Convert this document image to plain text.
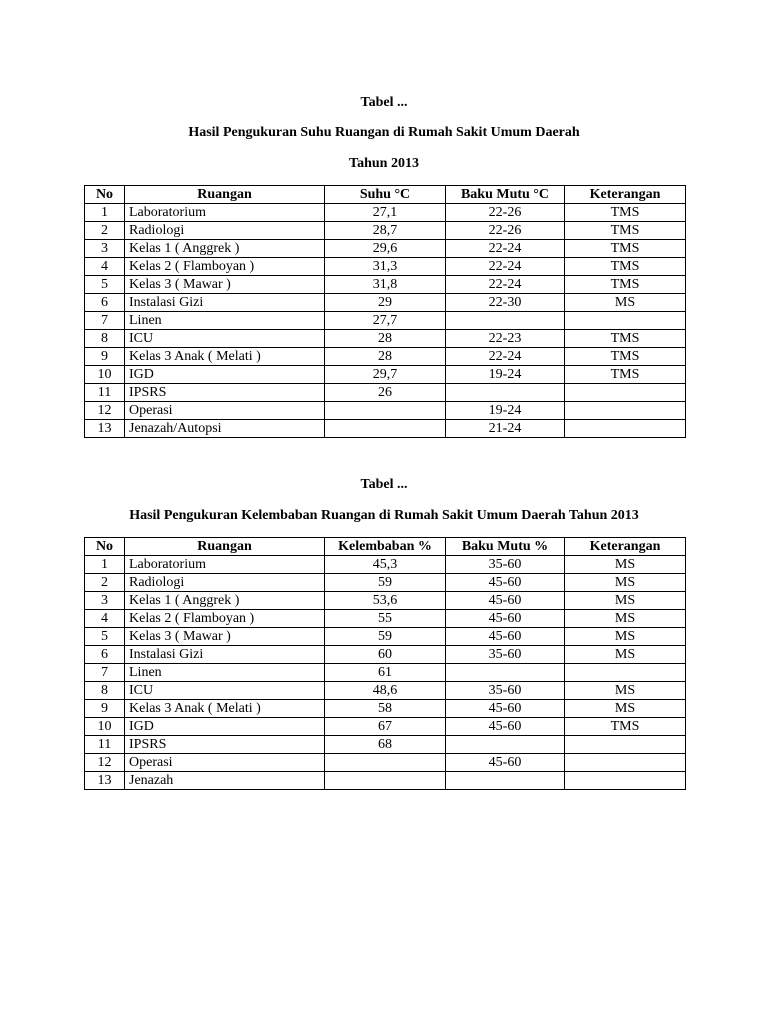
Tabel ...
Hasil Pengukuran Suhu Ruangan di Rumah Sakit Umum Daerah
Tahun 2013
No	Ruangan	Suhu °C	Baku Mutu °C	Keterangan
1	Laboratorium	27,1	22-26	TMS
2	Radiologi	28,7	22-26	TMS
3	Kelas 1 ( Anggrek )	29,6	22-24	TMS
4	Kelas 2 ( Flamboyan )	31,3	22-24	TMS
5	Kelas 3 ( Mawar )	31,8	22-24	TMS
6	Instalasi Gizi	29	22-30	MS
7	Linen	27,7		
8	ICU	28	22-23	TMS
9	Kelas 3 Anak ( Melati )	28	22-24	TMS
10	IGD	29,7	19-24	TMS
11	IPSRS	26		
12	Operasi		19-24	
13	Jenazah/Autopsi		21-24	
Tabel ...
Hasil Pengukuran Kelembaban Ruangan di Rumah Sakit Umum Daerah Tahun 2013
No	Ruangan	Kelembaban %	Baku Mutu %	Keterangan
1	Laboratorium	45,3	35-60	MS
2	Radiologi	59	45-60	MS
3	Kelas 1 ( Anggrek )	53,6	45-60	MS
4	Kelas 2 ( Flamboyan )	55	45-60	MS
5	Kelas 3 ( Mawar )	59	45-60	MS
6	Instalasi Gizi	60	35-60	MS
7	Linen	61		
8	ICU	48,6	35-60	MS
9	Kelas 3 Anak ( Melati )	58	45-60	MS
10	IGD	67	45-60	TMS
11	IPSRS	68		
12	Operasi		45-60	
13	Jenazah			
